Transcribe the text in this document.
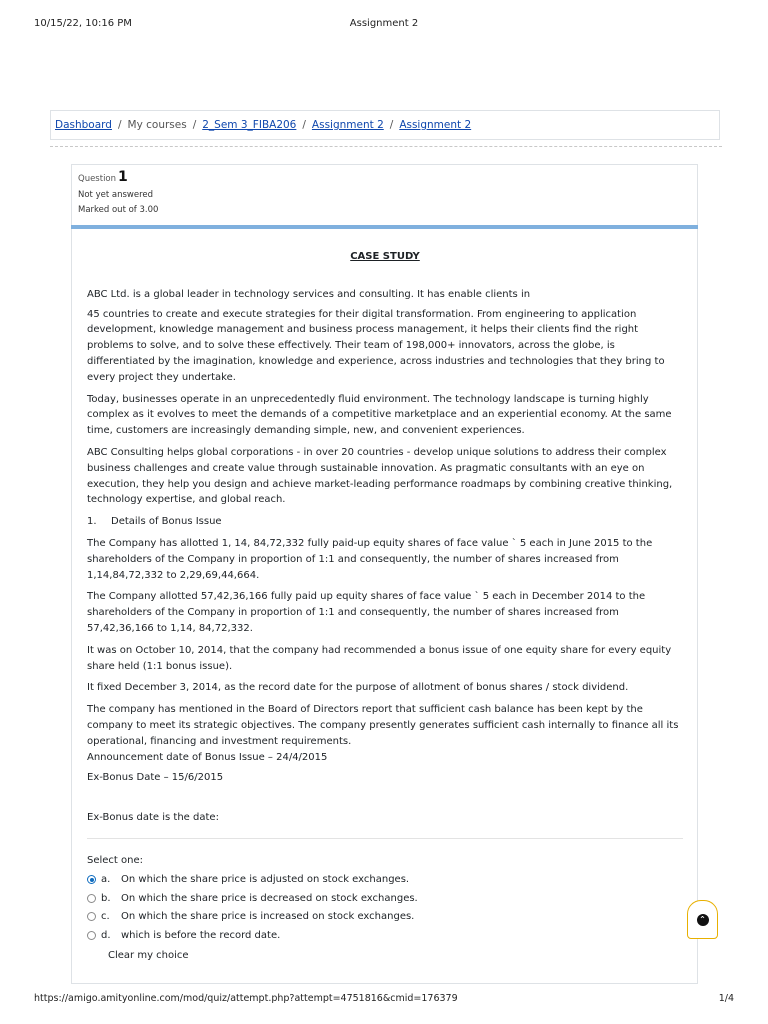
10/15/22, 10:16 PM	Assignment 2
Dashboard / My courses / 2_Sem 3_FIBA206 / Assignment 2 / Assignment 2
Question 1
Not yet answered
Marked out of 3.00
CASE STUDY

ABC Ltd. is a global leader in technology services and consulting. It has enable clients in

45 countries to create and execute strategies for their digital transformation. From engineering to application development, knowledge management and business process management, it helps their clients find the right problems to solve, and to solve these effectively. Their team of 198,000+ innovators, across the globe, is differentiated by the imagination, knowledge and experience, across industries and technologies that they bring to every project they undertake.

Today, businesses operate in an unprecedentedly fluid environment. The technology landscape is turning highly complex as it evolves to meet the demands of a competitive marketplace and an experiential economy. At the same time, customers are increasingly demanding simple, new, and convenient experiences.

ABC Consulting helps global corporations - in over 20 countries - develop unique solutions to address their complex business challenges and create value through sustainable innovation. As pragmatic consultants with an eye on execution, they help you design and achieve market-leading performance roadmaps by combining creative thinking, technology expertise, and global reach.

1.	Details of Bonus Issue

The Company has allotted 1, 14, 84,72,332 fully paid-up equity shares of face value ` 5 each in June 2015 to the shareholders of the Company in proportion of 1:1 and consequently, the number of shares increased from 1,14,84,72,332 to 2,29,69,44,664.

The Company allotted 57,42,36,166 fully paid up equity shares of face value ` 5 each in December 2014 to the shareholders of the Company in proportion of 1:1 and consequently, the number of shares increased from 57,42,36,166 to 1,14, 84,72,332.

It was on October 10, 2014, that the company had recommended a bonus issue of one equity share for every equity share held (1:1 bonus issue).

It fixed December 3, 2014, as the record date for the purpose of allotment of bonus shares / stock dividend.

The company has mentioned in the Board of Directors report that sufficient cash balance has been kept by the company to meet its strategic objectives. The company presently generates sufficient cash internally to finance all its operational, financing and investment requirements.

Announcement date of Bonus Issue – 24/4/2015

Ex-Bonus Date – 15/6/2015

Ex-Bonus date is the date:

Select one:
a.	On which the share price is adjusted on stock exchanges.
b.	On which the share price is decreased on stock exchanges.
c.	On which the share price is increased on stock exchanges.
d.	which is before the record date.
Clear my choice
⌃
https://amigo.amityonline.com/mod/quiz/attempt.php?attempt=4751816&cmid=176379	1/4
